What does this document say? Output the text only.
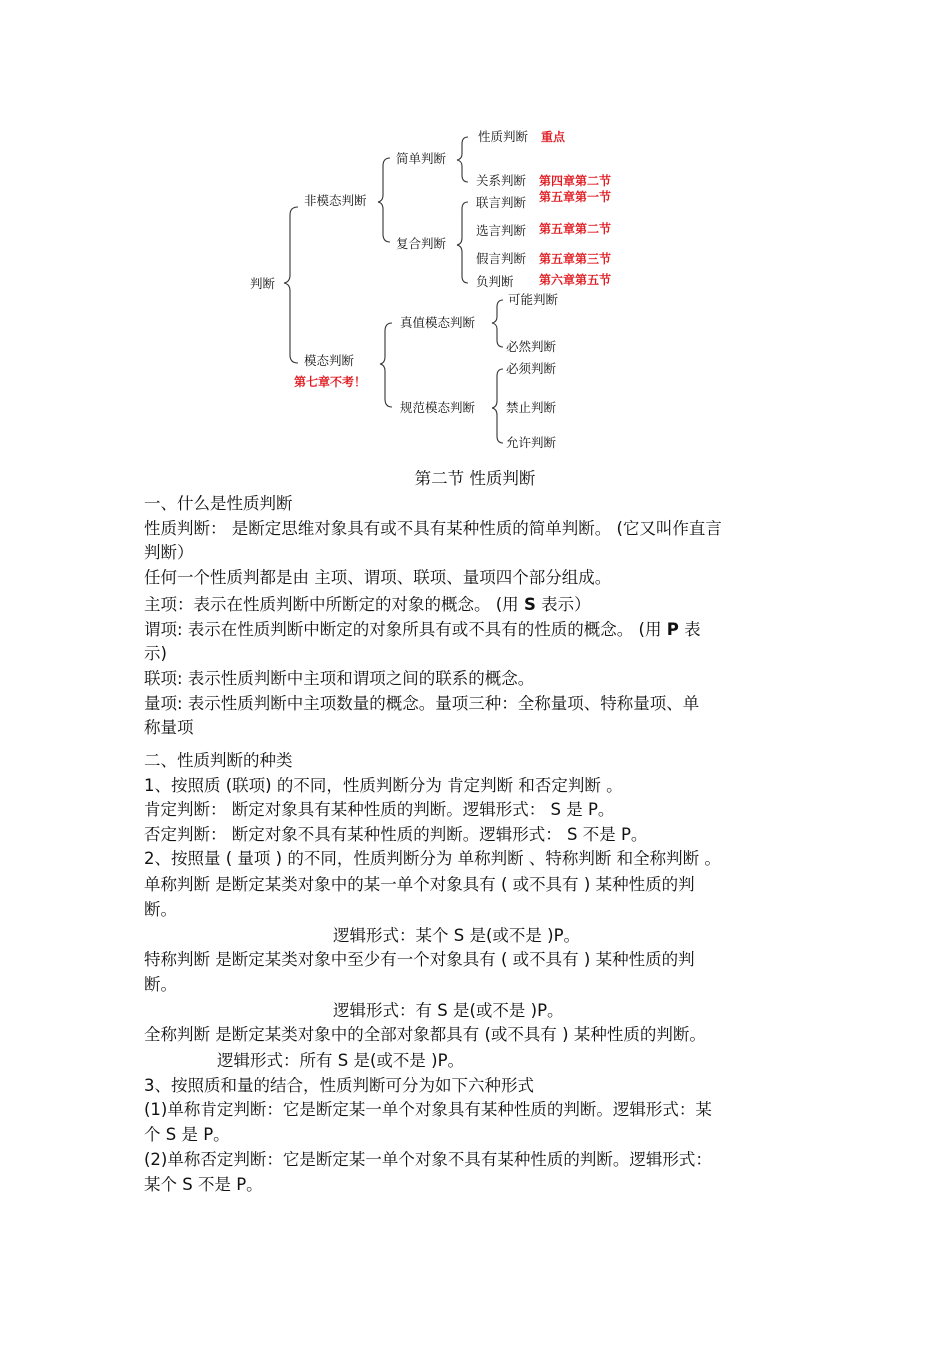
判断
非模态判断
简单判断
性质判断 重点
关系判断 第四章第二节
复合判断
联言判断 第五章第一节
选言判断 第五章第二节
假言判断 第五章第三节
负判断 第六章第五节
模态判断
第七章不考！
真值模态判断
可能判断
必然判断
规范模态判断
必须判断
禁止判断
允许判断
第二节 性质判断
一、什么是性质判断
性质判断： 是断定思维对象具有或不具有某种性质的简单判断。 (它又叫作直言
判断）
任何一个性质判都是由 主项、谓项、联项、量项四个部分组成。
主项：表示在性质判断中所断定的对象的概念。 (用 S 表示）
谓项: 表示在性质判断中断定的对象所具有或不具有的性质的概念。 (用 P 表
示)
联项: 表示性质判断中主项和谓项之间的联系的概念。
量项: 表示性质判断中主项数量的概念。量项三种：全称量项、特称量项、单
称量项
二、性质判断的种类
1、按照质 (联项) 的不同，性质判断分为 肯定判断 和否定判断 。
肯定判断： 断定对象具有某种性质的判断。逻辑形式： S 是 P。
否定判断： 断定对象不具有某种性质的判断。逻辑形式： S 不是 P。
2、按照量 ( 量项 ) 的不同，性质判断分为 单称判断 、特称判断 和全称判断 。
单称判断 是断定某类对象中的某一单个对象具有 ( 或不具有 ) 某种性质的判
断。
逻辑形式：某个 S 是(或不是 )P。
特称判断 是断定某类对象中至少有一个对象具有 ( 或不具有 ) 某种性质的判
断。
逻辑形式：有 S 是(或不是 )P。
全称判断 是断定某类对象中的全部对象都具有 (或不具有 ) 某种性质的判断。
逻辑形式：所有 S 是(或不是 )P。
3、按照质和量的结合，性质判断可分为如下六种形式
(1)单称肯定判断：它是断定某一单个对象具有某种性质的判断。逻辑形式：某
个 S 是 P。
(2)单称否定判断：它是断定某一单个对象不具有某种性质的判断。逻辑形式：
某个 S 不是 P。
